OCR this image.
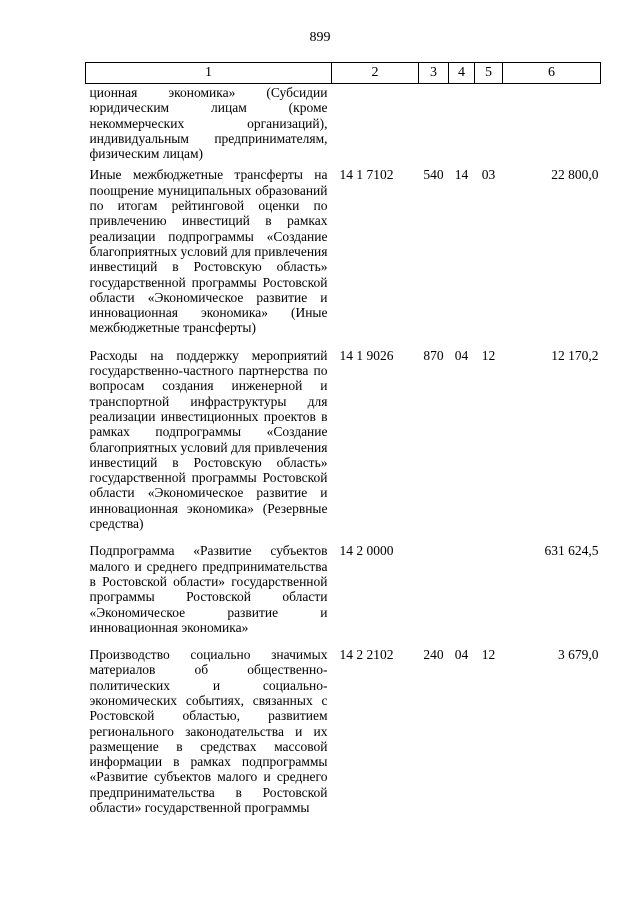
899
1	2	3	4	5	6
ционная экономика» (Субсидии юридическим лицам (кроме некоммерческих организаций), индивидуальным предпринимателям, физическим лицам)					
Иные межбюджетные трансферты на поощрение муниципальных образований по итогам рейтинговой оценки по привлечению инвестиций в рамках реализации подпрограммы «Создание благоприятных условий для привлечения инвестиций в Ростовскую область» государственной программы Ростовской области «Экономическое развитие и инновационная экономика» (Иные межбюджетные трансферты)	14 1 7102	540	14	03	22 800,0
Расходы на поддержку мероприятий государственно-частного партнерства по вопросам создания инженерной и транспортной инфраструктуры для реализации инвестиционных проектов в рамках подпрограммы «Создание благоприятных условий для привлечения инвестиций в Ростовскую область» государственной программы Ростовской области «Экономическое развитие и инновационная экономика» (Резервные средства)	14 1 9026	870	04	12	12 170,2
Подпрограмма «Развитие субъектов малого и среднего предпринимательства в Ростовской области» государственной программы Ростовской области «Экономическое развитие и инновационная экономика»	14 2 0000				631 624,5
Производство социально значимых материалов об общественно-политических и социально-экономических событиях, связанных с Ростовской областью, развитием регионального законодательства и их размещение в средствах массовой информации в рамках подпрограммы «Развитие субъектов малого и среднего предпринимательства в Ростовской области» государственной программы	14 2 2102	240	04	12	3 679,0
